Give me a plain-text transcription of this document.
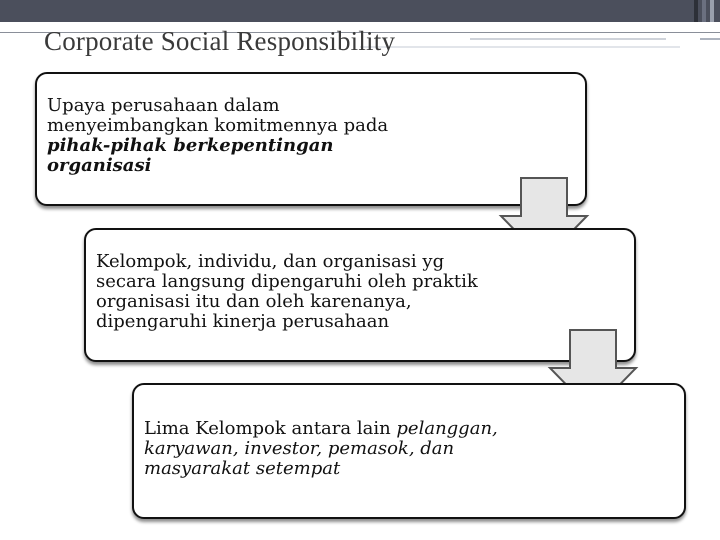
Corporate Social Responsibility

Upaya perusahaan dalam

menyeimbangkan komitmennya pada

pihak-pihak berkepentingan

organisasi

Kelompok, individu, dan organisasi yg

secara langsung dipengaruhi oleh praktik

organisasi itu dan oleh karenanya,

dipengaruhi kinerja perusahaan

Lima Kelompok antara lain pelanggan,

karyawan, investor, pemasok, dan

masyarakat setempat
